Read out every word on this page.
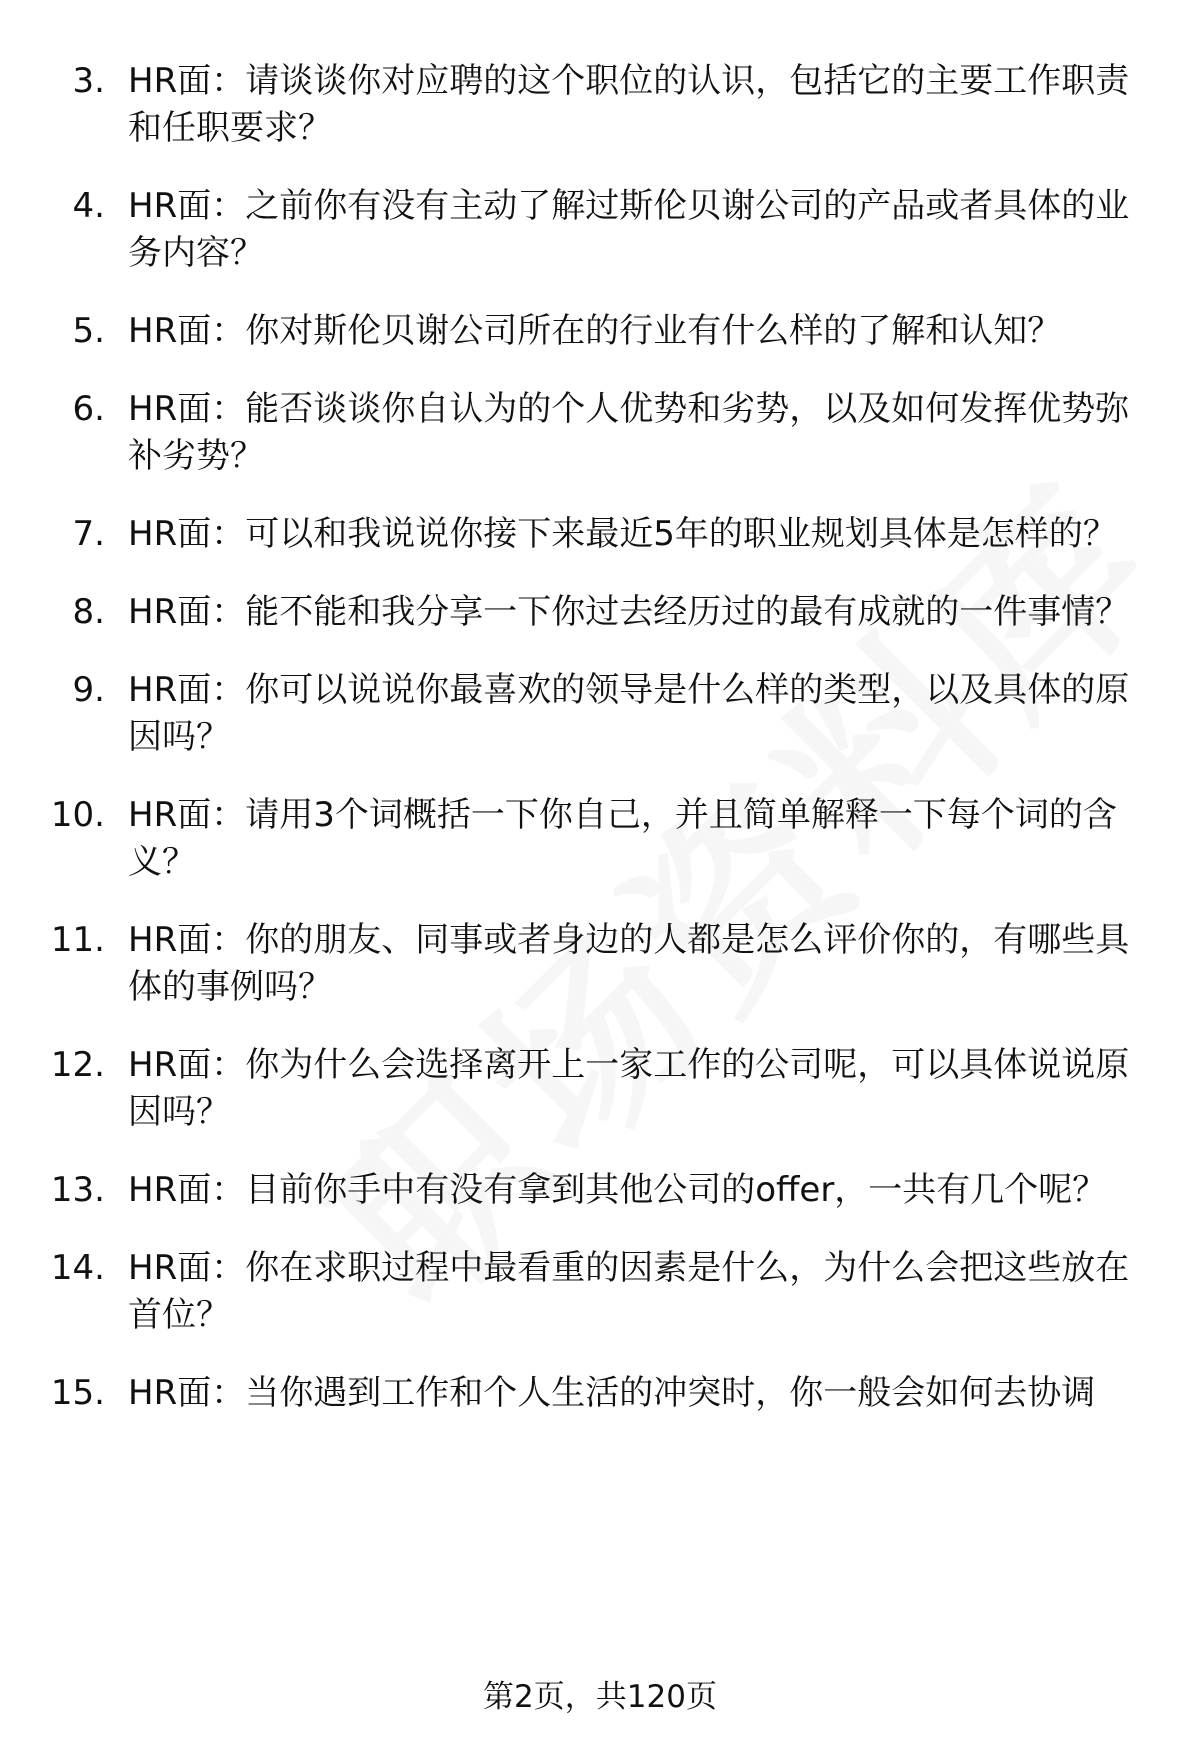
3. HR面：请谈谈你对应聘的这个职位的认识，包括它的主要工作职责和任职要求？
4. HR面：之前你有没有主动了解过斯伦贝谢公司的产品或者具体的业务内容？
5. HR面：你对斯伦贝谢公司所在的行业有什么样的了解和认知？
6. HR面：能否谈谈你自认为的个人优势和劣势，以及如何发挥优势弥补劣势？
7. HR面：可以和我说说你接下来最近5年的职业规划具体是怎样的？
8. HR面：能不能和我分享一下你过去经历过的最有成就的一件事情？
9. HR面：你可以说说你最喜欢的领导是什么样的类型，以及具体的原因吗？
10. HR面：请用3个词概括一下你自己，并且简单解释一下每个词的含义？
11. HR面：你的朋友、同事或者身边的人都是怎么评价你的，有哪些具体的事例吗？
12. HR面：你为什么会选择离开上一家工作的公司呢，可以具体说说原因吗？
13. HR面：目前你手中有没有拿到其他公司的offer，一共有几个呢？
14. HR面：你在求职过程中最看重的因素是什么，为什么会把这些放在首位？
15. HR面：当你遇到工作和个人生活的冲突时，你一般会如何去协调
第2页，共120页
